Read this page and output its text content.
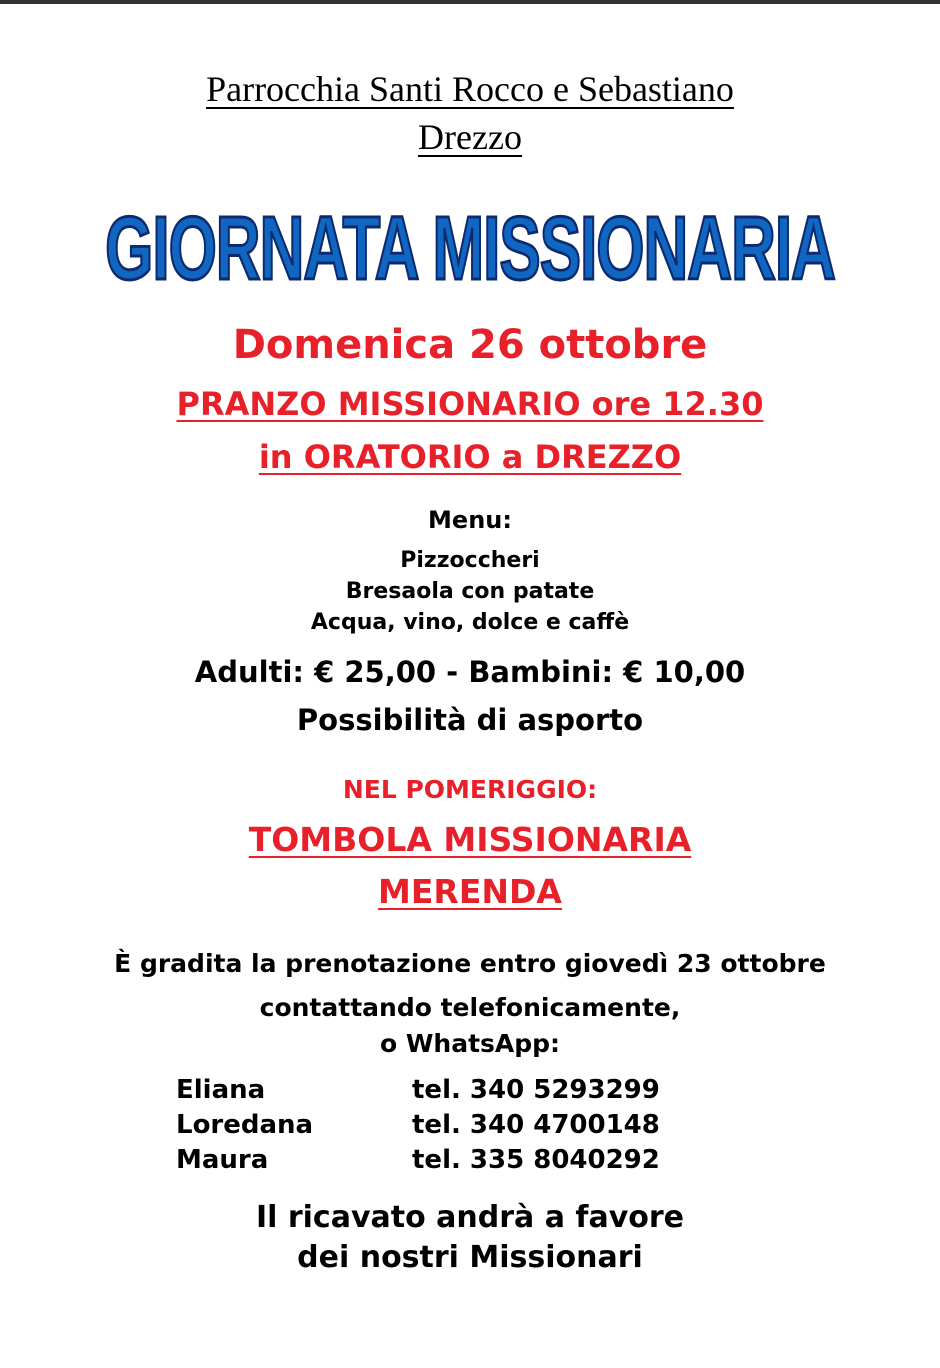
Parrocchia Santi Rocco e Sebastiano
Drezzo
GIORNATA MISSIONARIA
Domenica 26 ottobre
PRANZO MISSIONARIO ore 12.30
in ORATORIO a DREZZO
Menu:
Pizzoccheri
Bresaola con patate
Acqua, vino, dolce e caffè
Adulti: € 25,00 - Bambini: € 10,00
Possibilità di asporto
NEL POMERIGGIO:
TOMBOLA MISSIONARIA
MERENDA
È gradita la prenotazione entro giovedì 23 ottobre
contattando telefonicamente,
o WhatsApp:
Eliana	tel. 340 5293299
Loredana	tel. 340 4700148
Maura	tel. 335 8040292
Il ricavato andrà a favore
dei nostri Missionari
